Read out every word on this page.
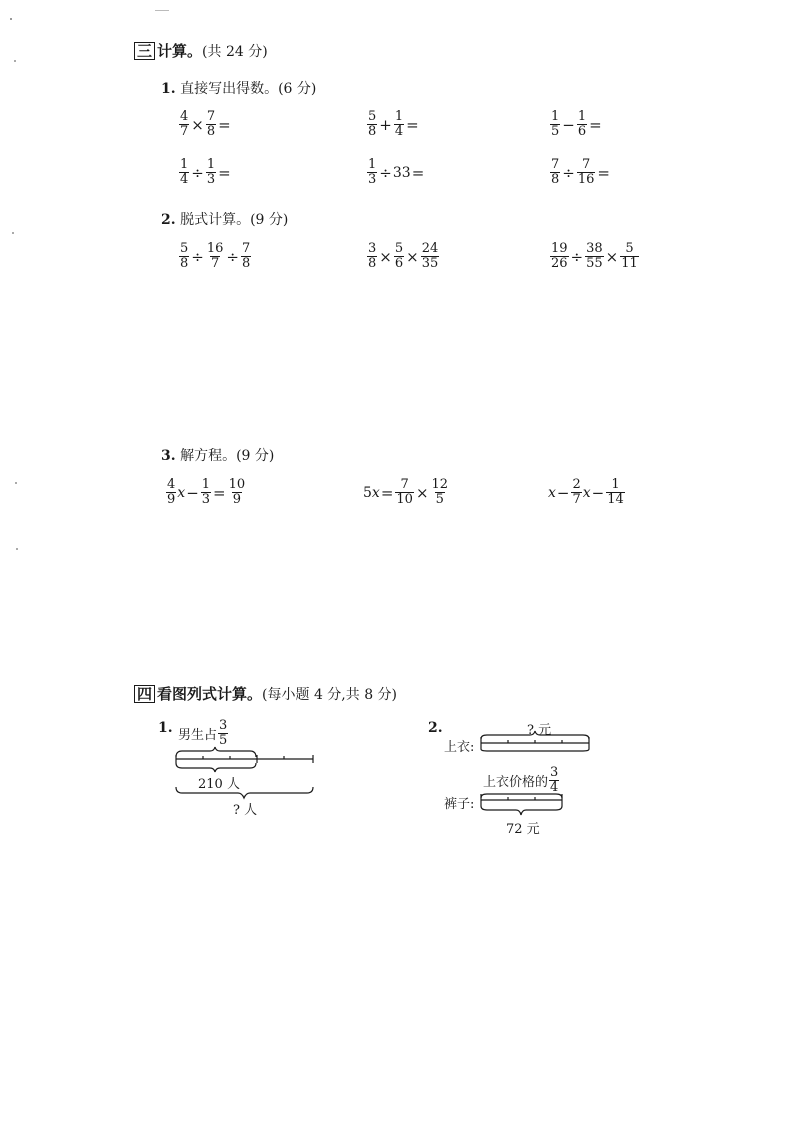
三 计算。(共 24 分)
1. 直接写出得数。(6 分)
$\frac{4}{7} \times \frac{7}{8}$ =	$\frac{5}{8} + \frac{1}{4}$ =	$\frac{1}{5} - \frac{1}{6}$ =
$\frac{1}{4} \div \frac{1}{3}$ =	$\frac{1}{3} \div 33$ =	$\frac{7}{8} \div \frac{7}{16}$ =
2. 脱式计算。(9 分)
$\frac{5}{8} \div \frac{16}{7} \div \frac{7}{8}$	$\frac{3}{8} \times \frac{5}{6} \times \frac{24}{35}$	$\frac{19}{26} \div \frac{38}{55} \times \frac{5}{11}$
3. 解方程。(9 分)
$\frac{4}{9}$ $x - \frac{1}{3} = \frac{10}{9}$	5 $x = \frac{7}{10} \times \frac{12}{5}$	$x - \frac{2}{7}$ $x - \frac{1}{14}$
四 看图列式计算。(每小题 4 分,共 8 分)
1. 男生占 $\frac{3}{5}$
210 人
? 人
2.	? 元
上衣:
上衣价格的 $\frac{3}{4}$
裤子:
72 元
